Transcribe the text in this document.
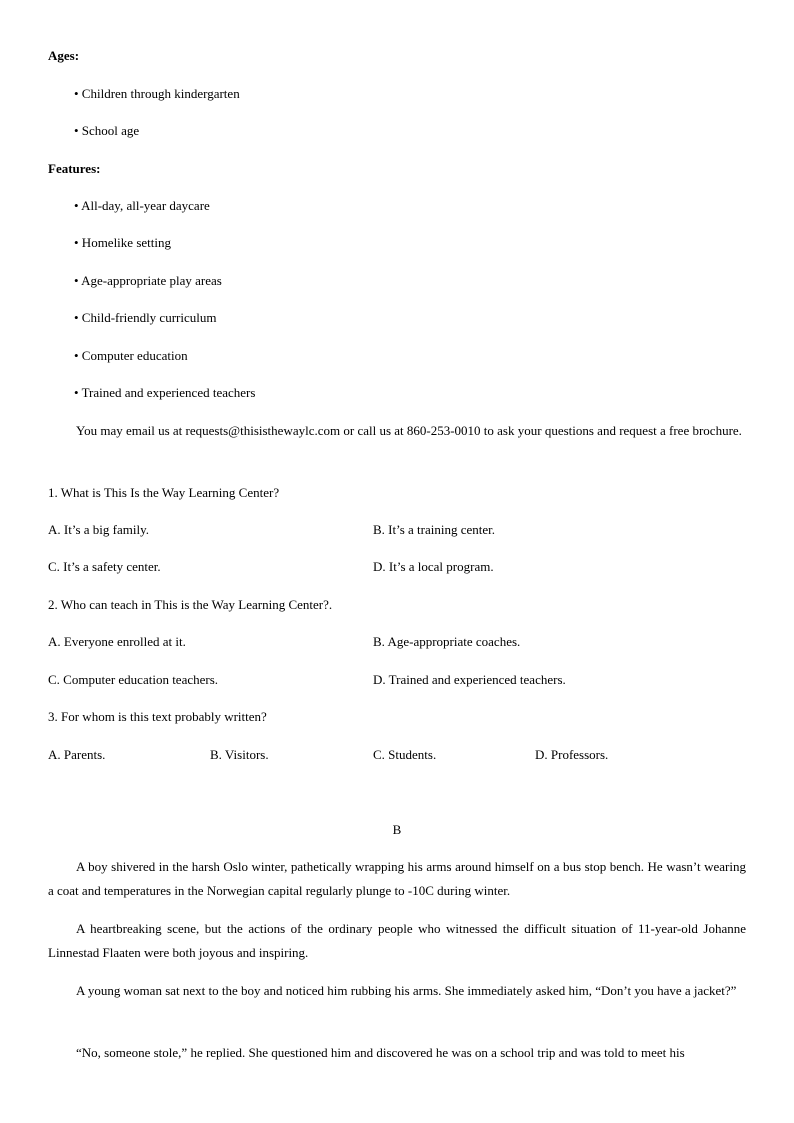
Ages:
• Children through kindergarten
• School age
Features:
• All-day, all-year daycare
• Homelike setting
• Age-appropriate play areas
• Child-friendly curriculum
• Computer education
• Trained and experienced teachers
You may email us at requests@thisisthewaylc.com or call us at 860-253-0010 to ask your questions and request a free brochure.
1. What is This Is the Way Learning Center?
A. It’s a big family.	B. It’s a training center.
C. It’s a safety center.	D. It’s a local program.
2. Who can teach in This is the Way Learning Center?.
A. Everyone enrolled at it.	B. Age-appropriate coaches.
C. Computer education teachers.	D. Trained and experienced teachers.
3. For whom is this text probably written?
A. Parents.	B. Visitors.	C. Students.	D. Professors.
B
A boy shivered in the harsh Oslo winter, pathetically wrapping his arms around himself on a bus stop bench. He wasn’t wearing a coat and temperatures in the Norwegian capital regularly plunge to -10C during winter.
A heartbreaking scene, but the actions of the ordinary people who witnessed the difficult situation of 11-year-old Johanne Linnestad Flaaten were both joyous and inspiring.
A young woman sat next to the boy and noticed him rubbing his arms. She immediately asked him, “Don’t you have a jacket?”
“No, someone stole,” he replied. She questioned him and discovered he was on a school trip and was told to meet his
